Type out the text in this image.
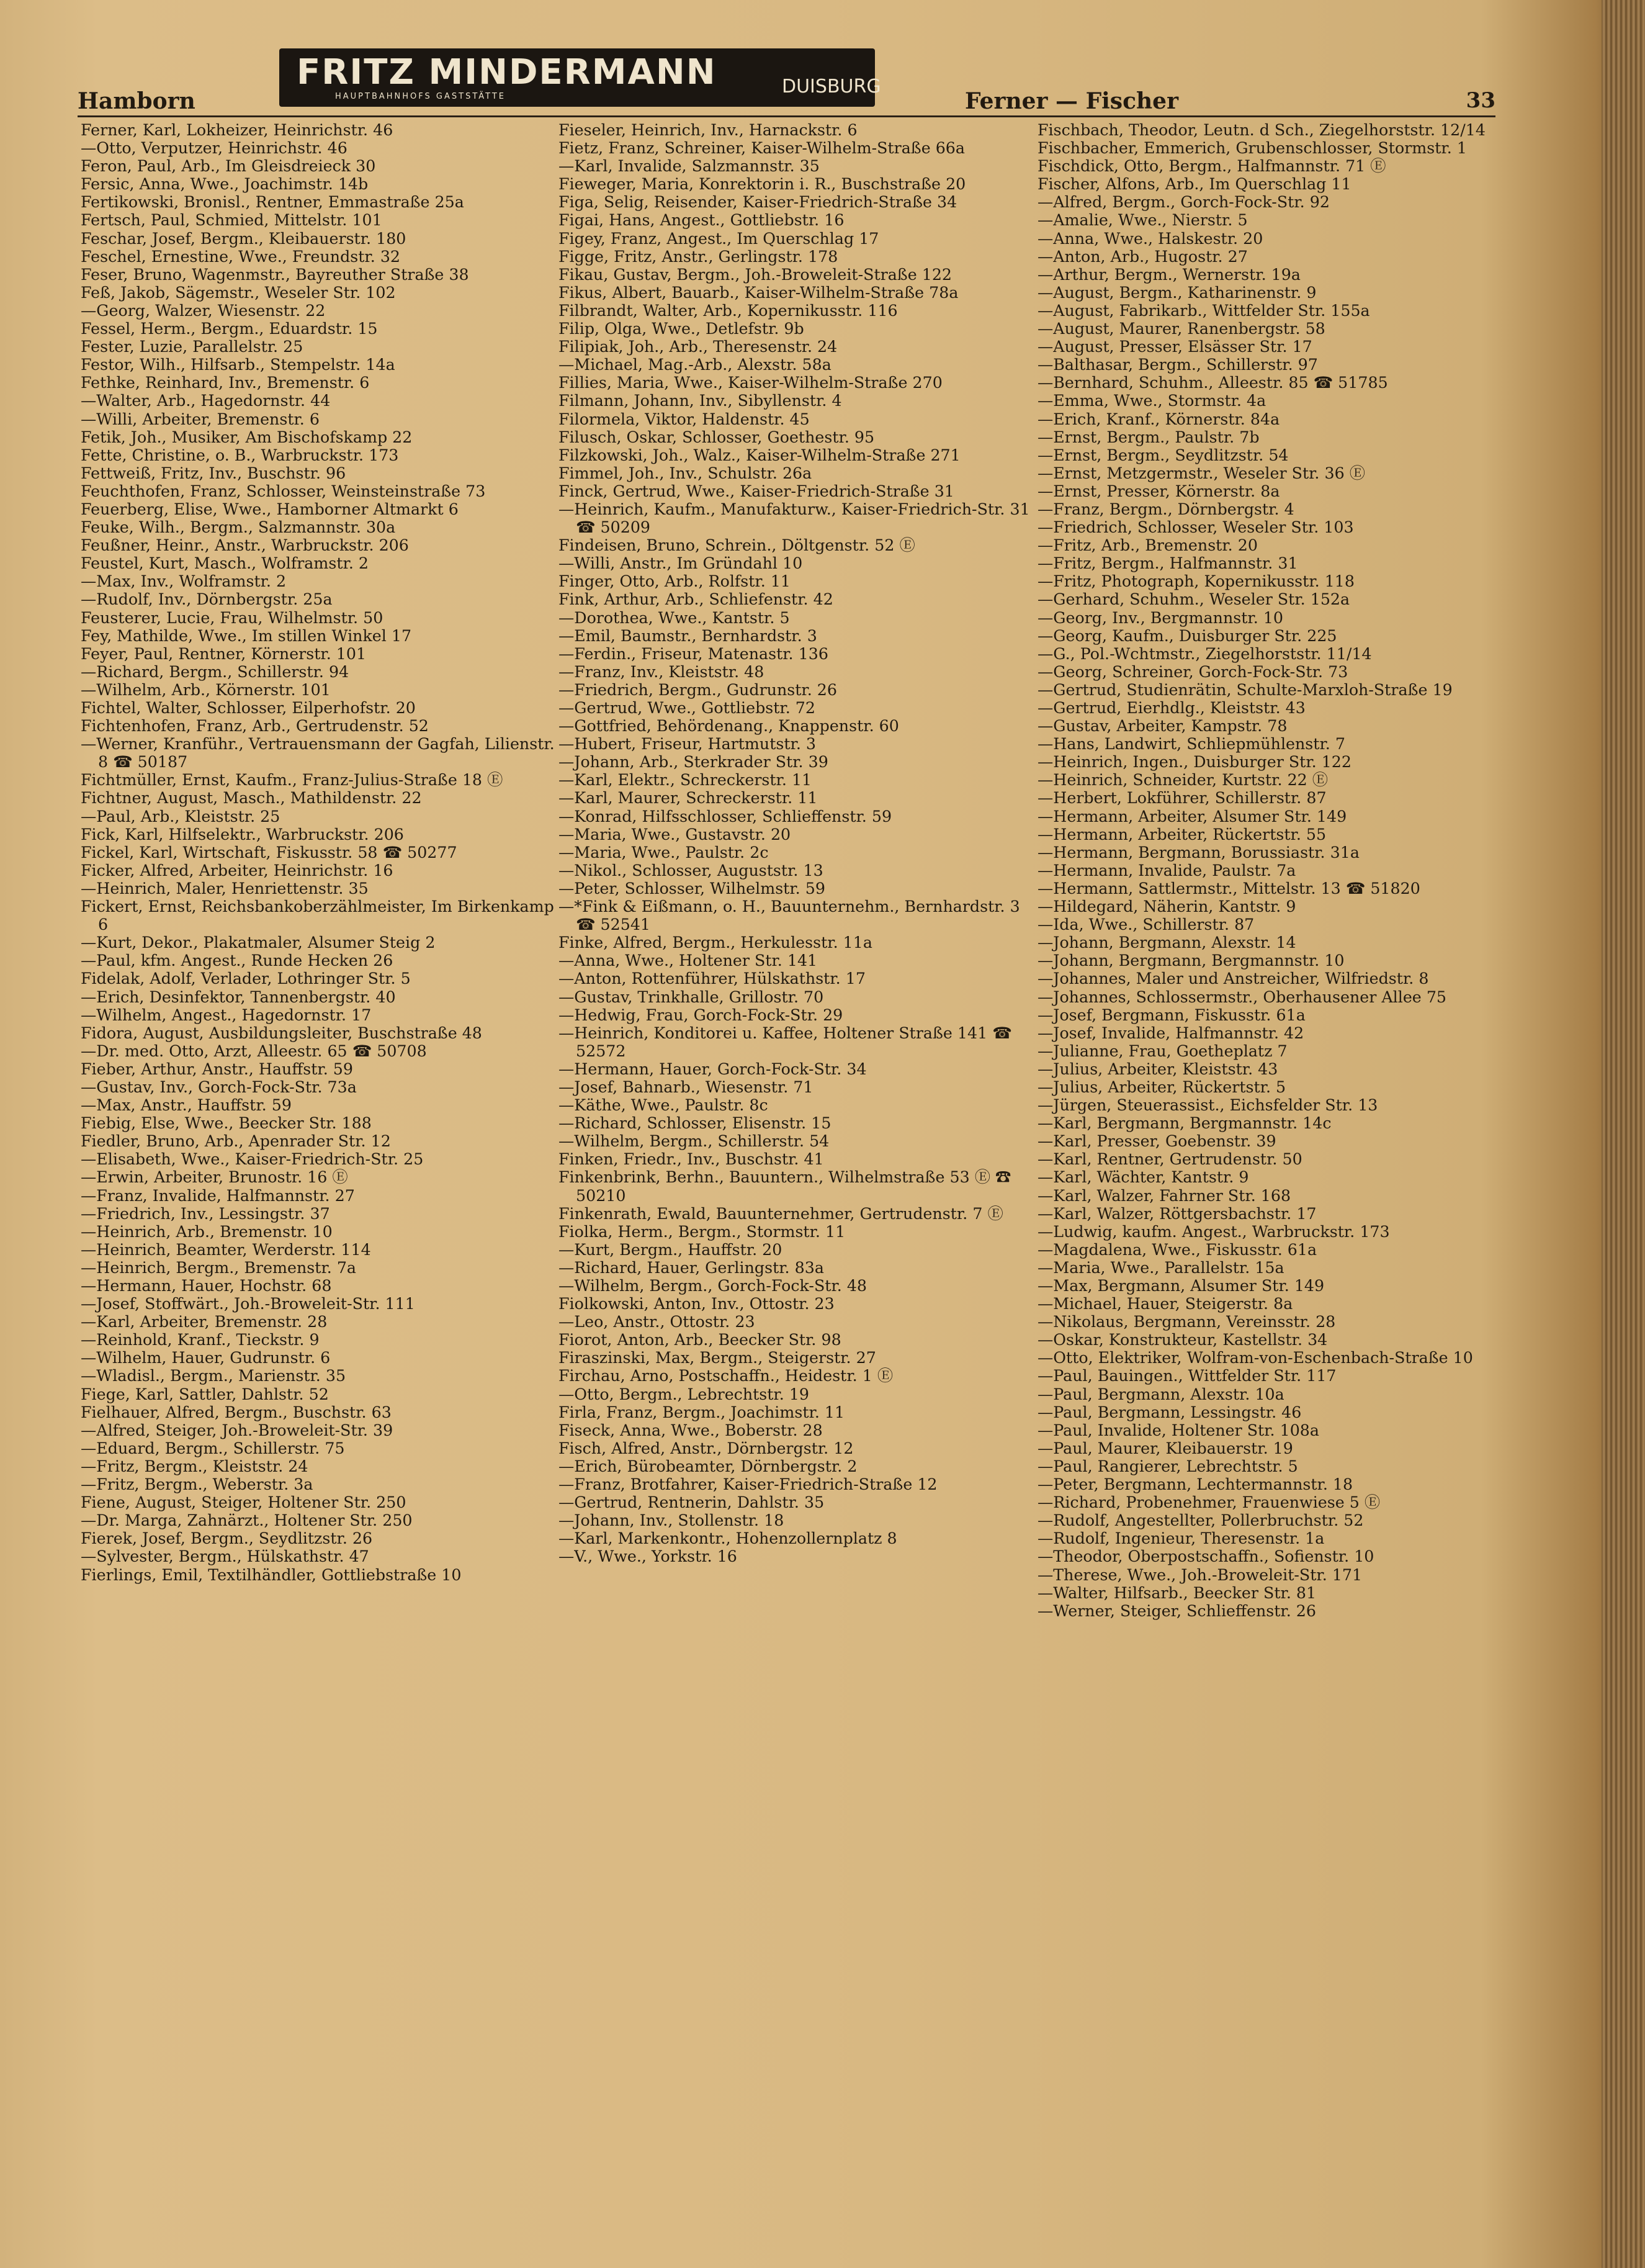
Hamborn
FRITZ MINDERMANN
HAUPTBAHNHOFS GASTSTÄTTE	DUISBURG
Ferner — Fischer	33

Ferner, Karl, Lokheizer, Heinrichstr. 46

—Otto, Verputzer, Heinrichstr. 46

Feron, Paul, Arb., Im Gleisdreieck 30

Fersic, Anna, Wwe., Joachimstr. 14b

Fertikowski, Bronisl., Rentner, Emmastraße 25a

Fertsch, Paul, Schmied, Mittelstr. 101

Feschar, Josef, Bergm., Kleibauerstr. 180

Feschel, Ernestine, Wwe., Freundstr. 32

Feser, Bruno, Wagenmstr., Bayreuther Straße 38

Feß, Jakob, Sägemstr., Weseler Str. 102

—Georg, Walzer, Wiesenstr. 22

Fessel, Herm., Bergm., Eduardstr. 15

Fester, Luzie, Parallelstr. 25

Festor, Wilh., Hilfsarb., Stempelstr. 14a

Fethke, Reinhard, Inv., Bremenstr. 6

—Walter, Arb., Hagedornstr. 44

—Willi, Arbeiter, Bremenstr. 6

Fetik, Joh., Musiker, Am Bischofskamp 22

Fette, Christine, o. B., Warbruckstr. 173

Fettweiß, Fritz, Inv., Buschstr. 96

Feuchthofen, Franz, Schlosser, Weinsteinstraße 73

Feuerberg, Elise, Wwe., Hamborner Altmarkt 6

Feuke, Wilh., Bergm., Salzmannstr. 30a

Feußner, Heinr., Anstr., Warbruckstr. 206

Feustel, Kurt, Masch., Wolframstr. 2

—Max, Inv., Wolframstr. 2

—Rudolf, Inv., Dörnbergstr. 25a

Feusterer, Lucie, Frau, Wilhelmstr. 50

Fey, Mathilde, Wwe., Im stillen Winkel 17

Feyer, Paul, Rentner, Körnerstr. 101

—Richard, Bergm., Schillerstr. 94

—Wilhelm, Arb., Körnerstr. 101

Fichtel, Walter, Schlosser, Eilperhofstr. 20

Fichtenhofen, Franz, Arb., Gertrudenstr. 52

—Werner, Kranführ., Vertrauensmann der Gagfah, Lilienstr. 8 ☎ 50187

Fichtmüller, Ernst, Kaufm., Franz-Julius-Straße 18 Ⓔ

Fichtner, August, Masch., Mathildenstr. 22

—Paul, Arb., Kleiststr. 25

Fick, Karl, Hilfselektr., Warbruckstr. 206

Fickel, Karl, Wirtschaft, Fiskusstr. 58 ☎ 50277

Ficker, Alfred, Arbeiter, Heinrichstr. 16

—Heinrich, Maler, Henriettenstr. 35

Fickert, Ernst, Reichsbankoberzählmeister, Im Birkenkamp 6

—Kurt, Dekor., Plakatmaler, Alsumer Steig 2

—Paul, kfm. Angest., Runde Hecken 26

Fidelak, Adolf, Verlader, Lothringer Str. 5

—Erich, Desinfektor, Tannenbergstr. 40

—Wilhelm, Angest., Hagedornstr. 17

Fidora, August, Ausbildungsleiter, Buschstraße 48

—Dr. med. Otto, Arzt, Alleestr. 65 ☎ 50708

Fieber, Arthur, Anstr., Hauffstr. 59

—Gustav, Inv., Gorch-Fock-Str. 73a

—Max, Anstr., Hauffstr. 59

Fiebig, Else, Wwe., Beecker Str. 188

Fiedler, Bruno, Arb., Apenrader Str. 12

—Elisabeth, Wwe., Kaiser-Friedrich-Str. 25

—Erwin, Arbeiter, Brunostr. 16 Ⓔ

—Franz, Invalide, Halfmannstr. 27

—Friedrich, Inv., Lessingstr. 37

—Heinrich, Arb., Bremenstr. 10

—Heinrich, Beamter, Werderstr. 114

—Heinrich, Bergm., Bremenstr. 7a

—Hermann, Hauer, Hochstr. 68

—Josef, Stoffwärt., Joh.-Broweleit-Str. 111

—Karl, Arbeiter, Bremenstr. 28

—Reinhold, Kranf., Tieckstr. 9

—Wilhelm, Hauer, Gudrunstr. 6

—Wladisl., Bergm., Marienstr. 35

Fiege, Karl, Sattler, Dahlstr. 52

Fielhauer, Alfred, Bergm., Buschstr. 63

—Alfred, Steiger, Joh.-Broweleit-Str. 39

—Eduard, Bergm., Schillerstr. 75

—Fritz, Bergm., Kleiststr. 24

—Fritz, Bergm., Weberstr. 3a

Fiene, August, Steiger, Holtener Str. 250

—Dr. Marga, Zahnärzt., Holtener Str. 250

Fierek, Josef, Bergm., Seydlitzstr. 26

—Sylvester, Bergm., Hülskathstr. 47

Fierlings, Emil, Textilhändler, Gottliebstraße 10

Fieseler, Heinrich, Inv., Harnackstr. 6

Fietz, Franz, Schreiner, Kaiser-Wilhelm-Straße 66a

—Karl, Invalide, Salzmannstr. 35

Fieweger, Maria, Konrektorin i. R., Buschstraße 20

Figa, Selig, Reisender, Kaiser-Friedrich-Straße 34

Figai, Hans, Angest., Gottliebstr. 16

Figey, Franz, Angest., Im Querschlag 17

Figge, Fritz, Anstr., Gerlingstr. 178

Fikau, Gustav, Bergm., Joh.-Broweleit-Straße 122

Fikus, Albert, Bauarb., Kaiser-Wilhelm-Straße 78a

Filbrandt, Walter, Arb., Kopernikusstr. 116

Filip, Olga, Wwe., Detlefstr. 9b

Filipiak, Joh., Arb., Theresenstr. 24

—Michael, Mag.-Arb., Alexstr. 58a

Fillies, Maria, Wwe., Kaiser-Wilhelm-Straße 270

Filmann, Johann, Inv., Sibyllenstr. 4

Filormela, Viktor, Haldenstr. 45

Filusch, Oskar, Schlosser, Goethestr. 95

Filzkowski, Joh., Walz., Kaiser-Wilhelm-Straße 271

Fimmel, Joh., Inv., Schulstr. 26a

Finck, Gertrud, Wwe., Kaiser-Friedrich-Straße 31

—Heinrich, Kaufm., Manufakturw., Kaiser-Friedrich-Str. 31 ☎ 50209

Findeisen, Bruno, Schrein., Döltgenstr. 52 Ⓔ

—Willi, Anstr., Im Gründahl 10

Finger, Otto, Arb., Rolfstr. 11

Fink, Arthur, Arb., Schliefenstr. 42

—Dorothea, Wwe., Kantstr. 5

—Emil, Baumstr., Bernhardstr. 3

—Ferdin., Friseur, Matenastr. 136

—Franz, Inv., Kleiststr. 48

—Friedrich, Bergm., Gudrunstr. 26

—Gertrud, Wwe., Gottliebstr. 72

—Gottfried, Behördenang., Knappenstr. 60

—Hubert, Friseur, Hartmutstr. 3

—Johann, Arb., Sterkrader Str. 39

—Karl, Elektr., Schreckerstr. 11

—Karl, Maurer, Schreckerstr. 11

—Konrad, Hilfsschlosser, Schlieffenstr. 59

—Maria, Wwe., Gustavstr. 20

—Maria, Wwe., Paulstr. 2c

—Nikol., Schlosser, Auguststr. 13

—Peter, Schlosser, Wilhelmstr. 59

—*Fink & Eißmann, o. H., Bauunternehm., Bernhardstr. 3 ☎ 52541

Finke, Alfred, Bergm., Herkulesstr. 11a

—Anna, Wwe., Holtener Str. 141

—Anton, Rottenführer, Hülskathstr. 17

—Gustav, Trinkhalle, Grillostr. 70

—Hedwig, Frau, Gorch-Fock-Str. 29

—Heinrich, Konditorei u. Kaffee, Holtener Straße 141 ☎ 52572

—Hermann, Hauer, Gorch-Fock-Str. 34

—Josef, Bahnarb., Wiesenstr. 71

—Käthe, Wwe., Paulstr. 8c

—Richard, Schlosser, Elisenstr. 15

—Wilhelm, Bergm., Schillerstr. 54

Finken, Friedr., Inv., Buschstr. 41

Finkenbrink, Berhn., Bauuntern., Wilhelmstraße 53 Ⓔ ☎ 50210

Finkenrath, Ewald, Bauunternehmer, Gertrudenstr. 7 Ⓔ

Fiolka, Herm., Bergm., Stormstr. 11

—Kurt, Bergm., Hauffstr. 20

—Richard, Hauer, Gerlingstr. 83a

—Wilhelm, Bergm., Gorch-Fock-Str. 48

Fiolkowski, Anton, Inv., Ottostr. 23

—Leo, Anstr., Ottostr. 23

Fiorot, Anton, Arb., Beecker Str. 98

Firaszinski, Max, Bergm., Steigerstr. 27

Firchau, Arno, Postschaffn., Heidestr. 1 Ⓔ

—Otto, Bergm., Lebrechtstr. 19

Firla, Franz, Bergm., Joachimstr. 11

Fiseck, Anna, Wwe., Boberstr. 28

Fisch, Alfred, Anstr., Dörnbergstr. 12

—Erich, Bürobeamter, Dörnbergstr. 2

—Franz, Brotfahrer, Kaiser-Friedrich-Straße 12

—Gertrud, Rentnerin, Dahlstr. 35

—Johann, Inv., Stollenstr. 18

—Karl, Markenkontr., Hohenzollernplatz 8

—V., Wwe., Yorkstr. 16

Fischbach, Theodor, Leutn. d Sch., Ziegelhorststr. 12/14

Fischbacher, Emmerich, Grubenschlosser, Stormstr. 1

Fischdick, Otto, Bergm., Halfmannstr. 71 Ⓔ

Fischer, Alfons, Arb., Im Querschlag 11

—Alfred, Bergm., Gorch-Fock-Str. 92

—Amalie, Wwe., Nierstr. 5

—Anna, Wwe., Halskestr. 20

—Anton, Arb., Hugostr. 27

—Arthur, Bergm., Wernerstr. 19a

—August, Bergm., Katharinenstr. 9

—August, Fabrikarb., Wittfelder Str. 155a

—August, Maurer, Ranenbergstr. 58

—August, Presser, Elsässer Str. 17

—Balthasar, Bergm., Schillerstr. 97

—Bernhard, Schuhm., Alleestr. 85 ☎ 51785

—Emma, Wwe., Stormstr. 4a

—Erich, Kranf., Körnerstr. 84a

—Ernst, Bergm., Paulstr. 7b

—Ernst, Bergm., Seydlitzstr. 54

—Ernst, Metzgermstr., Weseler Str. 36 Ⓔ

—Ernst, Presser, Körnerstr. 8a

—Franz, Bergm., Dörnbergstr. 4

—Friedrich, Schlosser, Weseler Str. 103

—Fritz, Arb., Bremenstr. 20

—Fritz, Bergm., Halfmannstr. 31

—Fritz, Photograph, Kopernikusstr. 118

—Gerhard, Schuhm., Weseler Str. 152a

—Georg, Inv., Bergmannstr. 10

—Georg, Kaufm., Duisburger Str. 225

—G., Pol.-Wchtmstr., Ziegelhorststr. 11/14

—Georg, Schreiner, Gorch-Fock-Str. 73

—Gertrud, Studienrätin, Schulte-Marxloh-Straße 19

—Gertrud, Eierhdlg., Kleiststr. 43

—Gustav, Arbeiter, Kampstr. 78

—Hans, Landwirt, Schliepmühlenstr. 7

—Heinrich, Ingen., Duisburger Str. 122

—Heinrich, Schneider, Kurtstr. 22 Ⓔ

—Herbert, Lokführer, Schillerstr. 87

—Hermann, Arbeiter, Alsumer Str. 149

—Hermann, Arbeiter, Rückertstr. 55

—Hermann, Bergmann, Borussiastr. 31a

—Hermann, Invalide, Paulstr. 7a

—Hermann, Sattlermstr., Mittelstr. 13 ☎ 51820

—Hildegard, Näherin, Kantstr. 9

—Ida, Wwe., Schillerstr. 87

—Johann, Bergmann, Alexstr. 14

—Johann, Bergmann, Bergmannstr. 10

—Johannes, Maler und Anstreicher, Wilfriedstr. 8

—Johannes, Schlossermstr., Oberhausener Allee 75

—Josef, Bergmann, Fiskusstr. 61a

—Josef, Invalide, Halfmannstr. 42

—Julianne, Frau, Goetheplatz 7

—Julius, Arbeiter, Kleiststr. 43

—Julius, Arbeiter, Rückertstr. 5

—Jürgen, Steuerassist., Eichsfelder Str. 13

—Karl, Bergmann, Bergmannstr. 14c

—Karl, Presser, Goebenstr. 39

—Karl, Rentner, Gertrudenstr. 50

—Karl, Wächter, Kantstr. 9

—Karl, Walzer, Fahrner Str. 168

—Karl, Walzer, Röttgersbachstr. 17

—Ludwig, kaufm. Angest., Warbruckstr. 173

—Magdalena, Wwe., Fiskusstr. 61a

—Maria, Wwe., Parallelstr. 15a

—Max, Bergmann, Alsumer Str. 149

—Michael, Hauer, Steigerstr. 8a

—Nikolaus, Bergmann, Vereinsstr. 28

—Oskar, Konstrukteur, Kastellstr. 34

—Otto, Elektriker, Wolfram-von-Eschenbach-Straße 10

—Paul, Bauingen., Wittfelder Str. 117

—Paul, Bergmann, Alexstr. 10a

—Paul, Bergmann, Lessingstr. 46

—Paul, Invalide, Holtener Str. 108a

—Paul, Maurer, Kleibauerstr. 19

—Paul, Rangierer, Lebrechtstr. 5

—Peter, Bergmann, Lechtermannstr. 18

—Richard, Probenehmer, Frauenwiese 5 Ⓔ

—Rudolf, Angestellter, Pollerbruchstr. 52

—Rudolf, Ingenieur, Theresenstr. 1a

—Theodor, Oberpostschaffn., Sofienstr. 10

—Therese, Wwe., Joh.-Broweleit-Str. 171

—Walter, Hilfsarb., Beecker Str. 81

—Werner, Steiger, Schlieffenstr. 26
